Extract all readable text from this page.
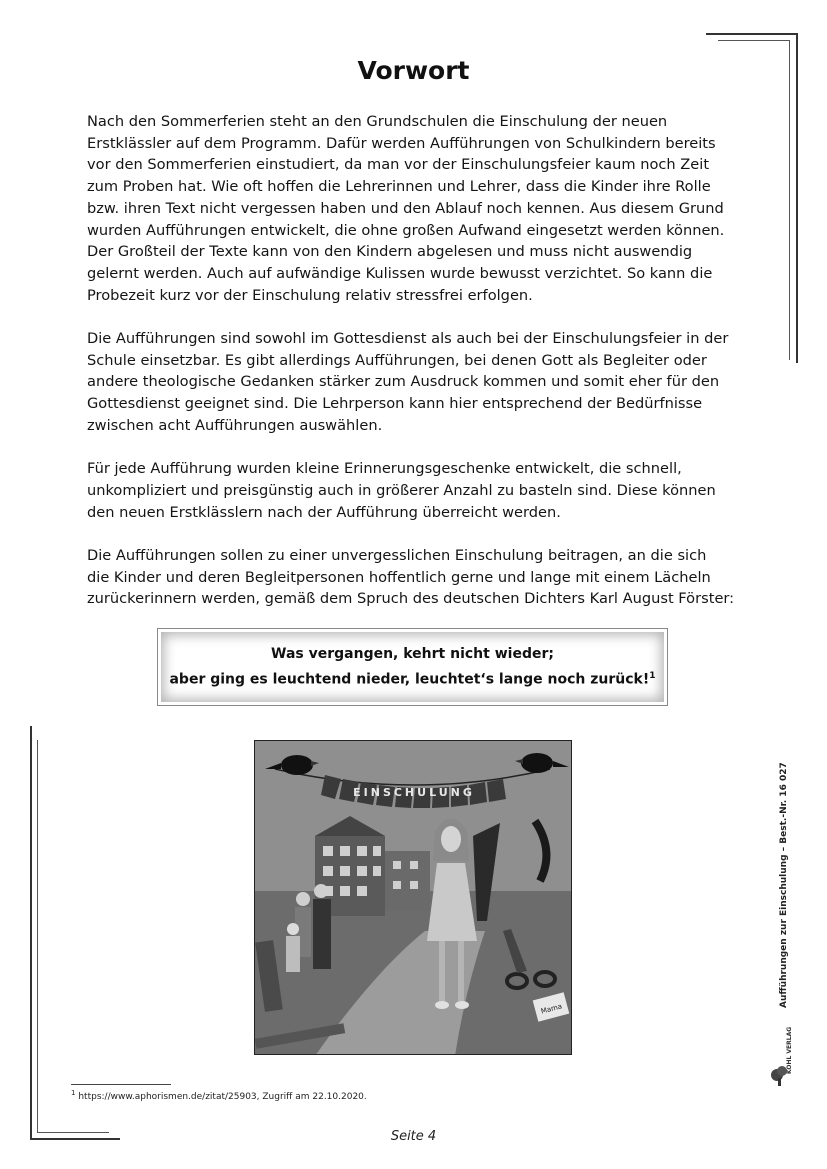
Vorwort

Nach den Sommerferien steht an den Grundschulen die Einschulung der neuen
Erstklässler auf dem Programm. Dafür werden Aufführungen von Schulkindern bereits
vor den Sommerferien einstudiert, da man vor der Einschulungsfeier kaum noch Zeit
zum Proben hat. Wie oft hoffen die Lehrerinnen und Lehrer, dass die Kinder ihre Rolle
bzw. ihren Text nicht vergessen haben und den Ablauf noch kennen. Aus diesem Grund
wurden Aufführungen entwickelt, die ohne großen Aufwand eingesetzt werden können.
Der Großteil der Texte kann von den Kindern abgelesen und muss nicht auswendig
gelernt werden. Auch auf aufwändige Kulissen wurde bewusst verzichtet. So kann die
Probezeit kurz vor der Einschulung relativ stressfrei erfolgen.

Die Aufführungen sind sowohl im Gottesdienst als auch bei der Einschulungsfeier in der
Schule einsetzbar. Es gibt allerdings Aufführungen, bei denen Gott als Begleiter oder
andere theologische Gedanken stärker zum Ausdruck kommen und somit eher für den
Gottesdienst geeignet sind. Die Lehrperson kann hier entsprechend der Bedürfnisse
zwischen acht Aufführungen auswählen.

Für jede Aufführung wurden kleine Erinnerungsgeschenke entwickelt, die schnell,
unkompliziert und preisgünstig auch in größerer Anzahl zu basteln sind. Diese können
den neuen Erstklässlern nach der Aufführung überreicht werden.

Die Aufführungen sollen zu einer unvergesslichen Einschulung beitragen, an die sich
die Kinder und deren Begleitpersonen hoffentlich gerne und lange mit einem Lächeln
zurückerinnern werden, gemäß dem Spruch des deutschen Dichters Karl August Förster:

Was vergangen, kehrt nicht wieder;
aber ging es leuchtend nieder, leuchtet‘s lange noch zurück!$^1$
EINSCHULUNG
Mama
$^1$ https://www.aphorismen.de/zitat/25903, Zugriff am 22.10.2020.
Seite 4
Aufführungen zur Einschulung – Best.-Nr. 16 027
KOHL VERLAG
